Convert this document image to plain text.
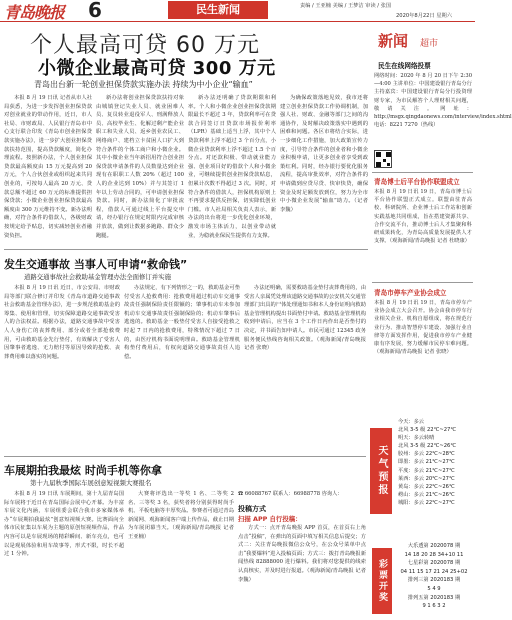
青岛晚报 6	民生新闻	责编 / 王亚楠 美编 / 王梦洁 审读 / 张国
2020年8月22日 星期六
个人最高可贷 60 万元
小微企业最高可贷 300 万元
青岛出台新一轮创业担保贷款实施办法 持续为中小企业“输血”
本报 8 月 19 日讯 记者从市人社局获悉，为进一步发挥创业担保贷款对创业就业的带动作用，近日，市人社局、市财政局、人民银行青岛市中心支行联合印发《青岛市创业担保贷款实施办法》，进一步扩大创业担保贷款扶持范围，提高贷款额度，简化办理流程。按照新办法，个人创业担保贷款最高额度由 15 万元提高到 20 万元，个人合伙创业或组织起来共同创业的，可按每人最高 20 万元、贷款总额不超过 60 万元的标准提供担保贷款；小微企业创业担保贷款最高额度由 300 万元维持不变。新办法明确，对符合条件的借款人，各级财政按规定给予贴息，切实减轻创业者融资负担。
新办法将创业担保贷款扶持对象由城镇登记失业人员、就业困难人员、复员转业退役军人、刑满释放人员、高校毕业生、化解过剩产能企业职工和失业人员、返乡创业农民工、网络商户、建档立卡贫困人口扩大到符合条件的个体工商户和小微企业。其中小微企业当年新招用符合创业担保贷款申请条件的人员数量达到企业现有在职职工人数 20%（超过 100 人的企业达到 10%）并与其签订 1 年以上劳动合同的，可申请创业担保贷款。同时，新办法简化了审批流程，借款人可通过线上平台提交申请，经办银行在规定时限内完成审核并放款，做到让数据多跑路、群众少跑腿。
新办法还明确了贷款期限和利率。个人和小微企业创业担保贷款期限最长不超过 3 年，贷款利率可在贷款合同签订日贷款市场报价利率（LPR）基础上适当上浮，其中个人贷款利率上浮不超过 3 个百分点，小微企业贷款利率上浮不超过 1.5 个百分点。对还款积极、带动就业能力强、创业项目好的借款个人和小微企业，可继续提供创业担保贷款贴息，但累计次数不得超过 3 次。同时，对符合条件的借款人，担保机构原则上不再要求提供反担保，切实降低创业门槛。市人社局相关负责人表示，新办法的出台将进一步优化创业环境，激发市场主体活力，以创业带动就业，为稳就业保民生提供有力支撑。
为确保政策落地见效，我市还将建立创业担保贷款工作协调机制，加强人社、财政、金融等部门之间的沟通协作，及时解决政策落实中遇到的困难和问题。各区市将结合实际，进一步细化工作措施，加大政策宣传力度，引导符合条件的创业者和小微企业积极申请，让更多创业者享受到政策红利。同时，经办银行要优化服务流程，提高审批效率，对符合条件的申请做到应贷尽贷、快审快贷，确保资金及时足额发放到位，努力为全市中小微企业发展“输血”助力。（记者 李魏）
新闻 超市
民生在线网络投票
网络时间：2020 年 8 月 20 日下午 2:30—4:00 主讲单位：中国建设银行青岛分行 主持嘉宾：中国建设银行青岛分行投资理财专家，为市民解答个人理财相关问题，敬请关注。网址：http://msgx.qingdaonews.com/interview/index.shtml 电话：8221 7270（热线）
青岛博士后平台协作联盟成立
本报 8 月 19 日讯 19 日，青岛市博士后平台协作联盟正式成立。联盟由驻青高校、科研院所、企业博士后工作站和创新实践基地共同组成，旨在搭建资源共享、合作交流平台，推动博士后人才集聚和科研成果转化，为青岛高质量发展提供人才支撑。（观海新闻/青岛晚报 记者 杜晓康）
青岛市停车产业协会成立
本报 8 月 19 日讯 19 日，青岛市停车产业协会成立大会召开。协会由我市停车行业相关企业、机构自愿组成，将在规范行业行为、推动智慧停车建设、加强行业自律等方面发挥作用，促进我市停车产业健康有序发展，努力缓解市民停车难问题。（观海新闻/青岛晚报 记者 张晓）
天气预报
今天：多云
北风 3-5 级 22℃~27℃
明天：多云转晴
北风 3-5 级 22℃~26℃
胶州：多云 22℃~28℃
即墨：多云 21℃~27℃
平度：多云 21℃~27℃
莱西：多云 20℃~27℃
黄岛：多云 22℃~26℃
崂山：多云 21℃~26℃
城阳：多云 22℃~27℃
彩票开奖
大乐透第 2020078 期
14 18 20 28 34+10 11
七星彩第 2020078 期
04 11 15 17 21 24 25+02
排列三第 2020183 期
5 4 9
排列五第 2020183 期
9 1 6 3 2
发生交通事故 当事人可申请“救命钱”
道路交通事故社会救助基金管理办法全面修订并实施
本报 8 月 19 日讯 近日，市公安局、市财政局等部门联合修订并印发《青岛市道路交通事故社会救助基金管理办法》，进一步规范救助基金的筹集、使用和管理，切实保障道路交通事故受害人的合法权益。根据办法，道路交通事故中受害人人身伤亡的丧葬费用、部分或者全部抢救费用，可由救助基金先行垫付，有效解决了受害人因肇事者逃逸、无力赔付等原因导致的抢救、丧葬费用难以落实的问题。
办法规定，有下列情形之一的，救助基金可垫付受害人抢救费用：抢救费用超过机动车交通事故责任强制保险责任限额的；肇事机动车未参加机动车交通事故责任强制保险的；机动车肇事后逃逸的。救助基金一般垫付受害人自接受抢救之时起 7 日内的抢救费用，特殊情况下超过 7 日的，由医疗机构书面说明理由。救助基金管理机构垫付费用后，有权向道路交通事故责任人追偿。
办法还明确，需要救助基金垫付丧葬费用的，由受害人亲属凭处理该道路交通事故的公安机关交通管理部门出具的尸体处理通知书和本人身份证明向救助基金管理机构提出书面垫付申请。救助基金管理机构收到申请后，应当在 3 个工作日内作出是否垫付的决定，并书面告知申请人。市民可通过 12345 政务服务便民热线咨询相关政策。（观海新闻/青岛晚报 记者 张晓）
车展期拍我最炫 时尚手机等你拿
第十九届秋季国际车展创意短视频大赛报名
本报 8 月 19 日讯 车展期间，第十九届青岛国际车展将于近日在青岛国际会展中心开幕。为丰富车展文化内涵，车展组委会联合我市多家媒体举办“车展期拍我最炫”创意短视频大赛。比赛面向全体市民征集以车展为主题的原创短视频作品，作品内容可以是车展现场的精彩瞬间、新车亮点，也可以是观展体验和用车故事等，形式不限，时长不超过 1 分钟。
大赛将评选出一等奖 1 名、二等奖 2 名、三等奖 3 名，获奖者将分别获得时尚手机、平板电脑等丰厚奖品。参赛者可通过青岛新闻网、观海新闻客户端上传作品，截止日期为车展闭幕当天。（观海新闻/青岛晚报 记者 王亚楠）
☎ 66088767 联系人：66988778 咨询人：
投稿方式
扫描 APP 自行投稿：
方式一：点开青岛晚报 APP 首页，在首页右上角点击“投稿”，在弹出的页面中填写相关信息后提交；方式二：关注青岛晚报微信公众号，在公众号菜单中点击“我要爆料”进入投稿页面；方式三：拨打青岛晚报新闻热线 82888000 进行爆料。我们将对您提供的线索认真核实，并及时进行报道。（观海新闻/青岛晚报 记者 李魏）
